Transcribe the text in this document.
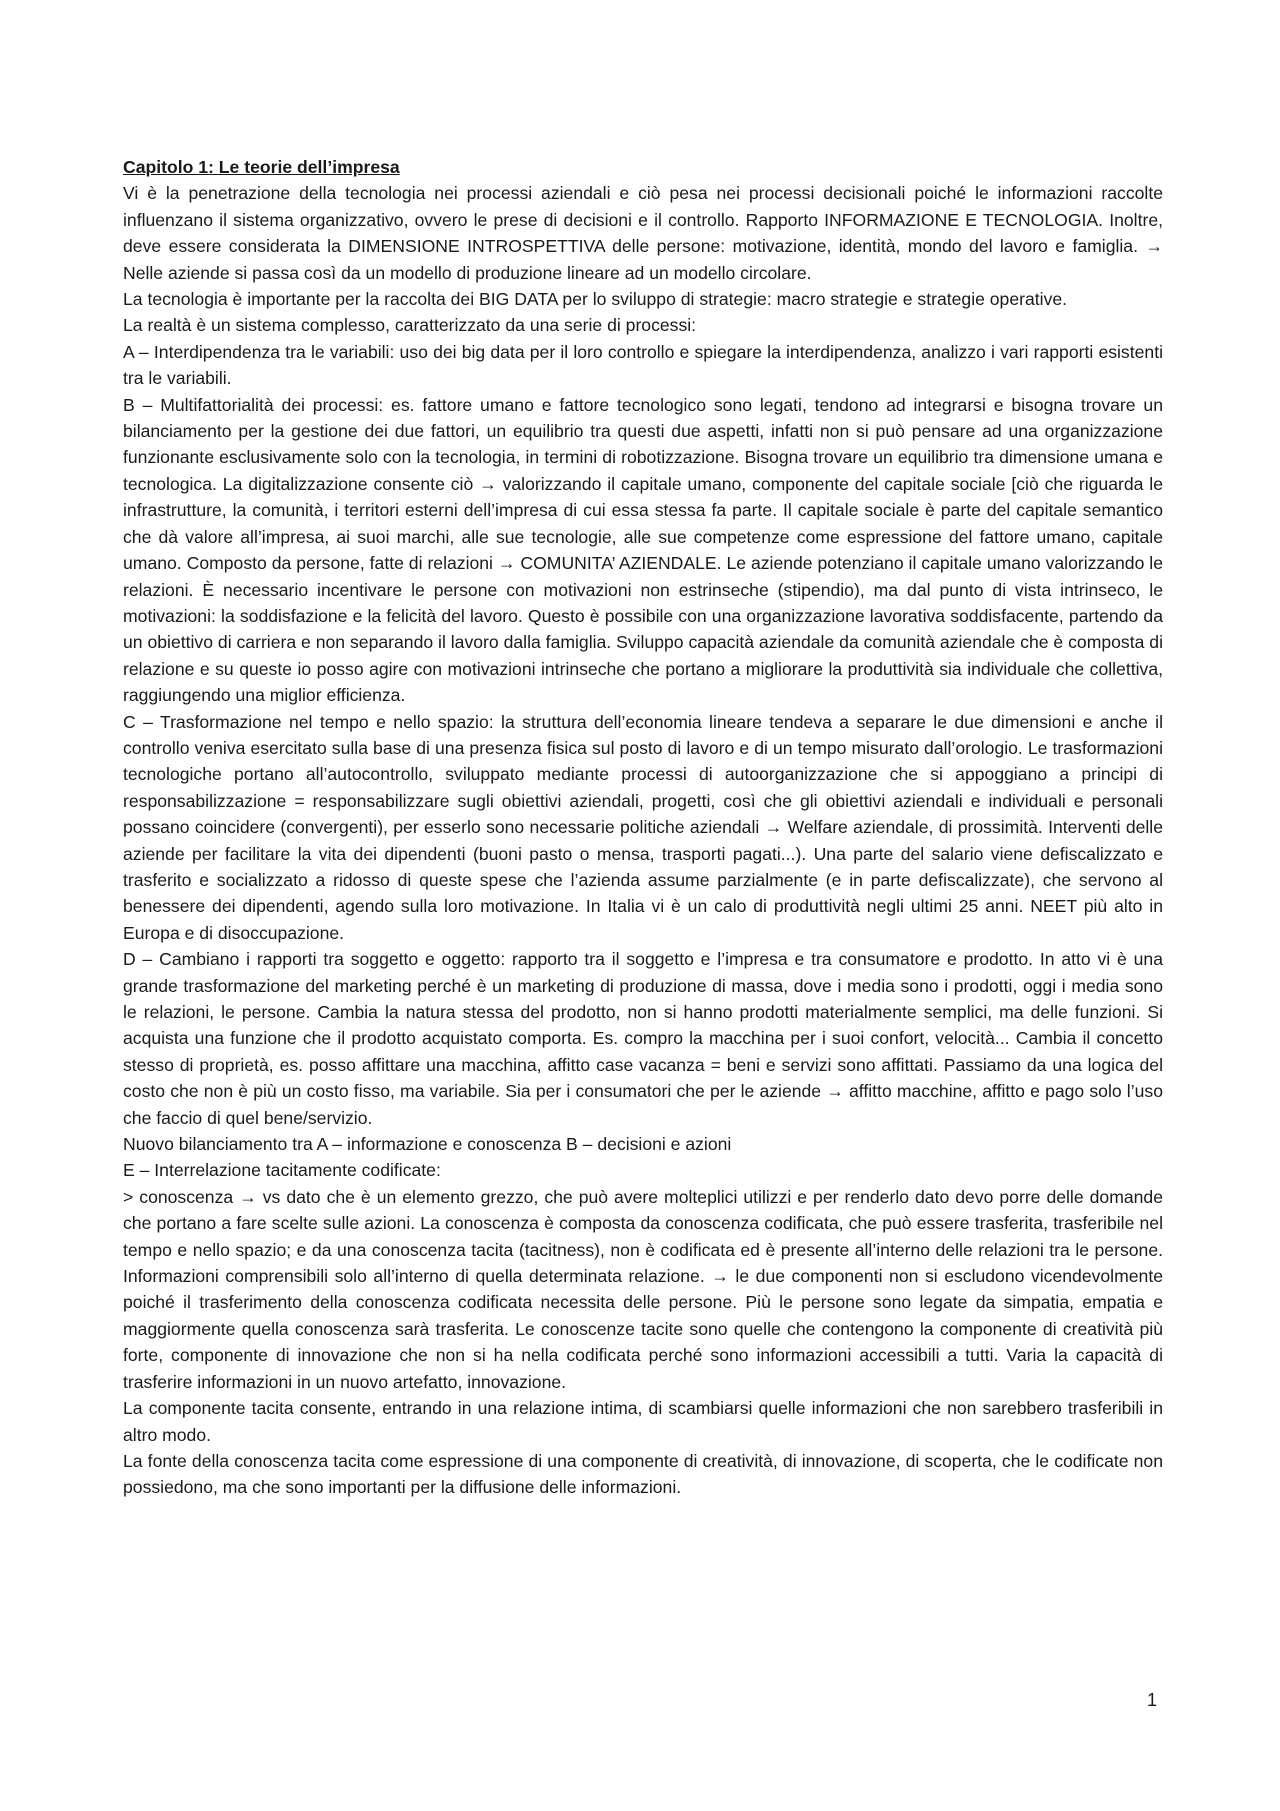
Capitolo 1: Le teorie dell’impresa

Vi è la penetrazione della tecnologia nei processi aziendali e ciò pesa nei processi decisionali poiché le informazioni raccolte influenzano il sistema organizzativo, ovvero le prese di decisioni e il controllo. Rapporto INFORMAZIONE E TECNOLOGIA. Inoltre, deve essere considerata la DIMENSIONE INTROSPETTIVA delle persone: motivazione, identità, mondo del lavoro e famiglia. → Nelle aziende si passa così da un modello di produzione lineare ad un modello circolare.

La tecnologia è importante per la raccolta dei BIG DATA per lo sviluppo di strategie: macro strategie e strategie operative.

La realtà è un sistema complesso, caratterizzato da una serie di processi:

A – Interdipendenza tra le variabili: uso dei big data per il loro controllo e spiegare la interdipendenza, analizzo i vari rapporti esistenti tra le variabili.

B – Multifattorialità dei processi: es. fattore umano e fattore tecnologico sono legati, tendono ad integrarsi e bisogna trovare un bilanciamento per la gestione dei due fattori, un equilibrio tra questi due aspetti, infatti non si può pensare ad una organizzazione funzionante esclusivamente solo con la tecnologia, in termini di robotizzazione. Bisogna trovare un equilibrio tra dimensione umana e tecnologica. La digitalizzazione consente ciò → valorizzando il capitale umano, componente del capitale sociale [ciò che riguarda le infrastrutture, la comunità, i territori esterni dell’impresa di cui essa stessa fa parte. Il capitale sociale è parte del capitale semantico che dà valore all’impresa, ai suoi marchi, alle sue tecnologie, alle sue competenze come espressione del fattore umano, capitale umano. Composto da persone, fatte di relazioni → COMUNITA’ AZIENDALE. Le aziende potenziano il capitale umano valorizzando le relazioni. È necessario incentivare le persone con motivazioni non estrinseche (stipendio), ma dal punto di vista intrinseco, le motivazioni: la soddisfazione e la felicità del lavoro. Questo è possibile con una organizzazione lavorativa soddisfacente, partendo da un obiettivo di carriera e non separando il lavoro dalla famiglia. Sviluppo capacità aziendale da comunità aziendale che è composta di relazione e su queste io posso agire con motivazioni intrinseche che portano a migliorare la produttività sia individuale che collettiva, raggiungendo una miglior efficienza.

C – Trasformazione nel tempo e nello spazio: la struttura dell’economia lineare tendeva a separare le due dimensioni e anche il controllo veniva esercitato sulla base di una presenza fisica sul posto di lavoro e di un tempo misurato dall’orologio. Le trasformazioni tecnologiche portano all’autocontrollo, sviluppato mediante processi di autoorganizzazione che si appoggiano a principi di responsabilizzazione = responsabilizzare sugli obiettivi aziendali, progetti, così che gli obiettivi aziendali e individuali e personali possano coincidere (convergenti), per esserlo sono necessarie politiche aziendali → Welfare aziendale, di prossimità. Interventi delle aziende per facilitare la vita dei dipendenti (buoni pasto o mensa, trasporti pagati...). Una parte del salario viene defiscalizzato e trasferito e socializzato a ridosso di queste spese che l’azienda assume parzialmente (e in parte defiscalizzate), che servono al benessere dei dipendenti, agendo sulla loro motivazione. In Italia vi è un calo di produttività negli ultimi 25 anni. NEET più alto in Europa e di disoccupazione.

D – Cambiano i rapporti tra soggetto e oggetto: rapporto tra il soggetto e l’impresa e tra consumatore e prodotto. In atto vi è una grande trasformazione del marketing perché è un marketing di produzione di massa, dove i media sono i prodotti, oggi i media sono le relazioni, le persone. Cambia la natura stessa del prodotto, non si hanno prodotti materialmente semplici, ma delle funzioni. Si acquista una funzione che il prodotto acquistato comporta. Es. compro la macchina per i suoi confort, velocità... Cambia il concetto stesso di proprietà, es. posso affittare una macchina, affitto case vacanza = beni e servizi sono affittati. Passiamo da una logica del costo che non è più un costo fisso, ma variabile. Sia per i consumatori che per le aziende → affitto macchine, affitto e pago solo l’uso che faccio di quel bene/servizio.

Nuovo bilanciamento tra A – informazione e conoscenza B – decisioni e azioni

E – Interrelazione tacitamente codificate:

> conoscenza → vs dato che è un elemento grezzo, che può avere molteplici utilizzi e per renderlo dato devo porre delle domande che portano a fare scelte sulle azioni. La conoscenza è composta da conoscenza codificata, che può essere trasferita, trasferibile nel tempo e nello spazio; e da una conoscenza tacita (tacitness), non è codificata ed è presente all’interno delle relazioni tra le persone. Informazioni comprensibili solo all’interno di quella determinata relazione. → le due componenti non si escludono vicendevolmente poiché il trasferimento della conoscenza codificata necessita delle persone. Più le persone sono legate da simpatia, empatia e maggiormente quella conoscenza sarà trasferita. Le conoscenze tacite sono quelle che contengono la componente di creatività più forte, componente di innovazione che non si ha nella codificata perché sono informazioni accessibili a tutti. Varia la capacità di trasferire informazioni in un nuovo artefatto, innovazione.

La componente tacita consente, entrando in una relazione intima, di scambiarsi quelle informazioni che non sarebbero trasferibili in altro modo.

La fonte della conoscenza tacita come espressione di una componente di creatività, di innovazione, di scoperta, che le codificate non possiedono, ma che sono importanti per la diffusione delle informazioni.

1
